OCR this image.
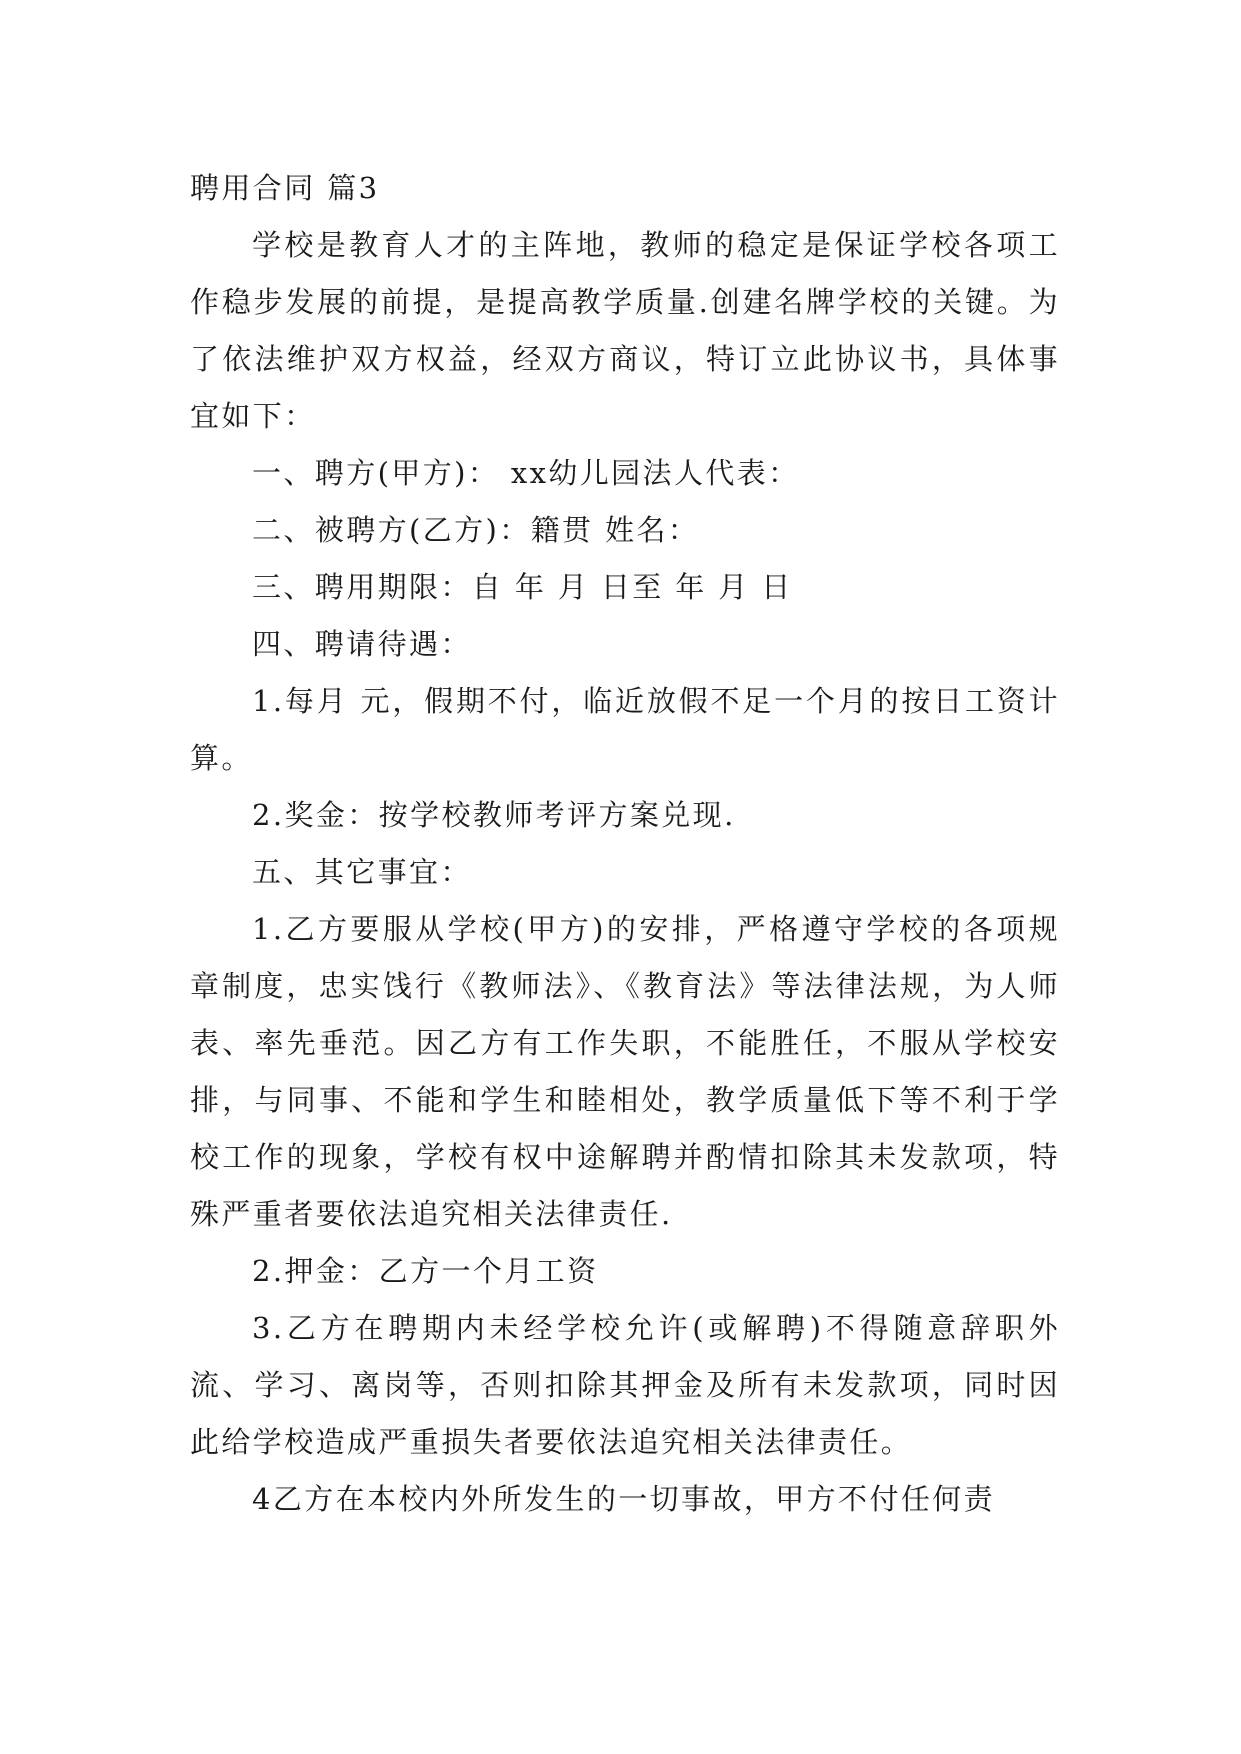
聘用合同 篇3

学校是教育人才的主阵地，教师的稳定是保证学校各项工作稳步发展的前提，是提高教学质量.创建名牌学校的关键。为了依法维护双方权益，经双方商议，特订立此协议书，具体事宜如下：

一、聘方(甲方)： xx幼儿园法人代表：

二、被聘方(乙方)：籍贯 姓名：

三、聘用期限：自 年 月 日至 年 月 日

四、聘请待遇：

1.每月 元，假期不付，临近放假不足一个月的按日工资计算。

2.奖金：按学校教师考评方案兑现.

五、其它事宜：

1.乙方要服从学校(甲方)的安排，严格遵守学校的各项规章制度，忠实饯行《教师法》、《教育法》等法律法规，为人师表、率先垂范。因乙方有工作失职，不能胜任，不服从学校安排，与同事、不能和学生和睦相处，教学质量低下等不利于学校工作的现象，学校有权中途解聘并酌情扣除其未发款项，特殊严重者要依法追究相关法律责任.

2.押金：乙方一个月工资

3.乙方在聘期内未经学校允许(或解聘)不得随意辞职外流、学习、离岗等，否则扣除其押金及所有未发款项，同时因此给学校造成严重损失者要依法追究相关法律责任。

4乙方在本校内外所发生的一切事故，甲方不付任何责
